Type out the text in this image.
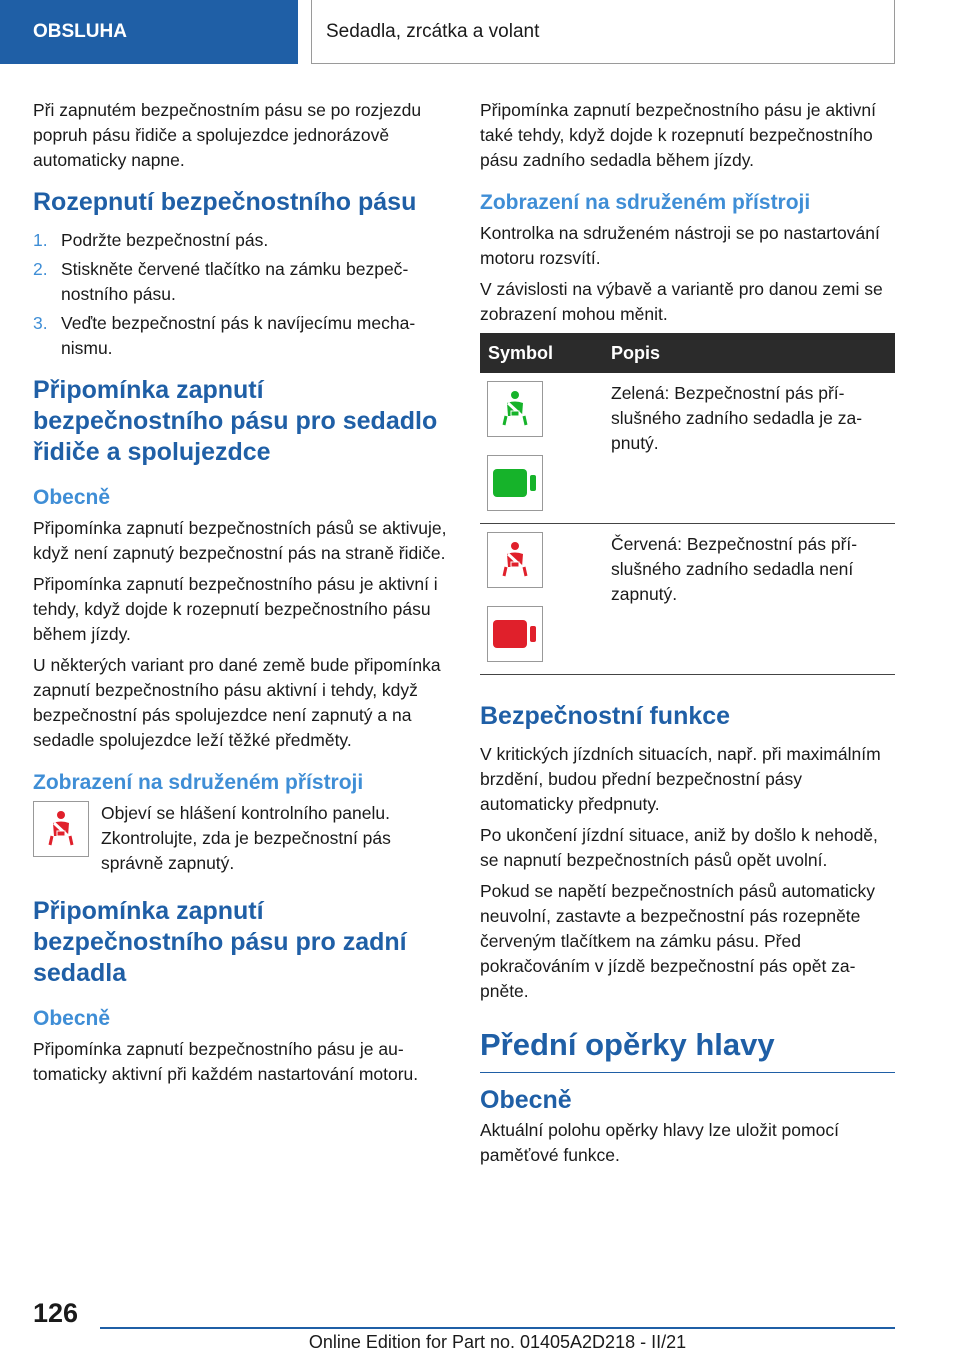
OBSLUHA	Sedadla, zrcátka a volant

Při zapnutém bezpečnostním pásu se po rozjezdu popruh pásu řidiče a spolujezdce jednorázově automaticky napne.

Rozepnutí bezpečnostního pásu
1. Podržte bezpečnostní pás.
2. Stiskněte červené tlačítko na zámku bezpečnostního pásu.
3. Veďte bezpečnostní pás k navíjecímu mechanismu.
Připomínka zapnutí bezpečnostního pásu pro sedadlo řidiče a spolujezdce
Obecně

Připomínka zapnutí bezpečnostních pásů se aktivuje, když není zapnutý bezpečnostní pás na straně řidiče.

Připomínka zapnutí bezpečnostního pásu je aktivní i tehdy, když dojde k rozepnutí bezpečnostního pásu během jízdy.

U některých variant pro dané země bude připomínka zapnutí bezpečnostního pásu aktivní i tehdy, když bezpečnostní pás spolujezdce není zapnutý a na sedadle spolujezdce leží těžké předměty.

Zobrazení na sdruženém přístroji

Objeví se hlášení kontrolního panelu. Zkontrolujte, zda je bezpečnostní pás správně zapnutý.

Připomínka zapnutí bezpečnostního pásu pro zadní sedadla
Obecně

Připomínka zapnutí bezpečnostního pásu je automaticky aktivní při každém nastartování motoru.

Připomínka zapnutí bezpečnostního pásu je aktivní také tehdy, když dojde k rozepnutí bezpečnostního pásu zadního sedadla během jízdy.

Zobrazení na sdruženém přístroji

Kontrolka na sdruženém nástroji se po nastartování motoru rozsvítí.

V závislosti na výbavě a variantě pro danou zemi se zobrazení mohou měnit.

Symbol	Popis

	Zelená: Bezpečnostní pás příslušného zadního sedadla je zapnutý.

	Červená: Bezpečnostní pás příslušného zadního sedadla není zapnutý.
Bezpečnostní funkce

V kritických jízdních situacích, např. při maximálním brzdění, budou přední bezpečnostní pásy automaticky předpnuty.

Po ukončení jízdní situace, aniž by došlo k nehodě, se napnutí bezpečnostních pásů opět uvolní.

Pokud se napětí bezpečnostních pásů automaticky neuvolní, zastavte a bezpečnostní pás rozepněte červeným tlačítkem na zámku pásu. Před pokračováním v jízdě bezpečnostní pás opět zapněte.

Přední opěrky hlavy
Obecně

Aktuální polohu opěrky hlavy lze uložit pomocí paměťové funkce.

126
Online Edition for Part no. 01405A2D218 - II/21
